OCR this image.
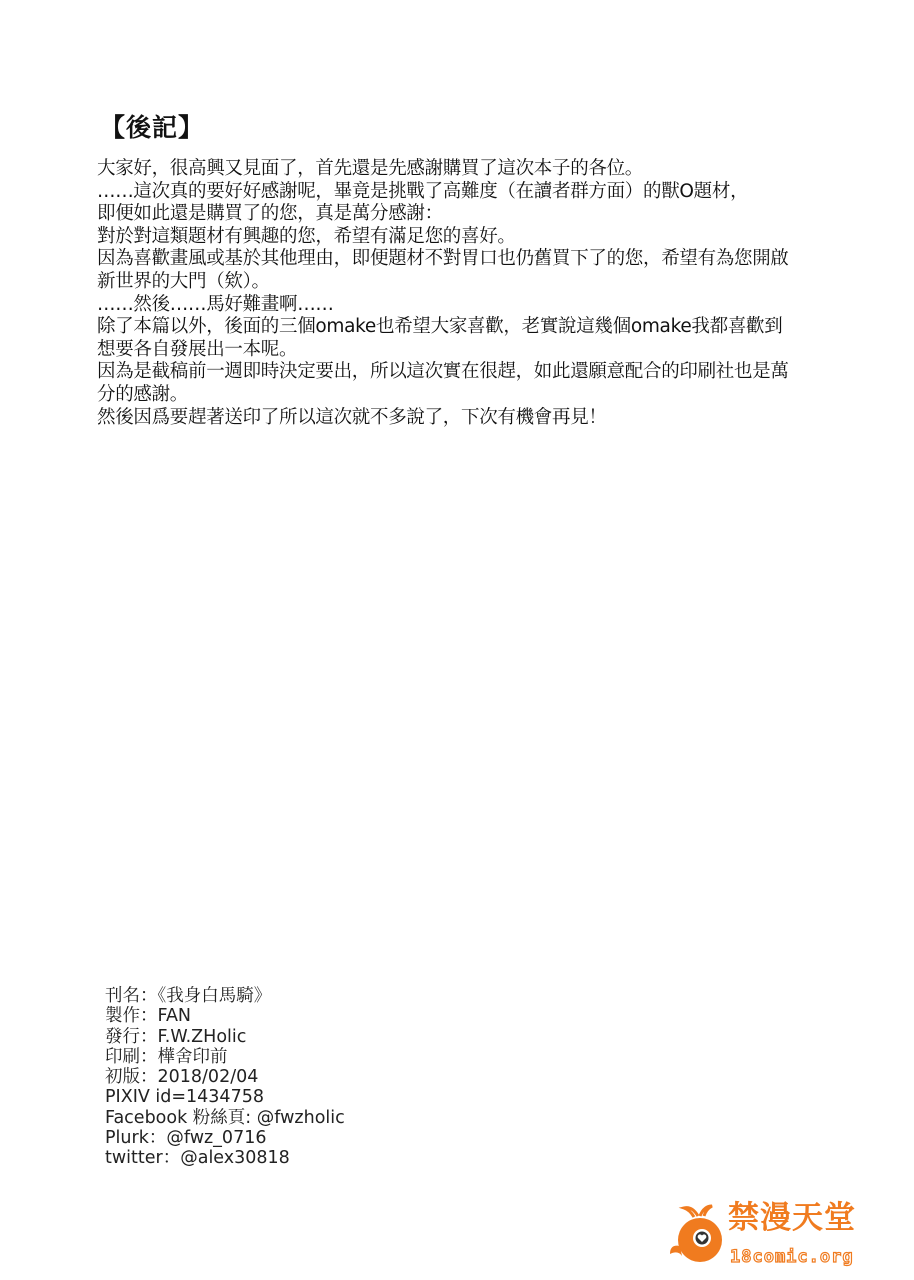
【後記】
大家好，很高興又見面了，首先還是先感謝購買了這次本子的各位。
……這次真的要好好感謝呢，畢竟是挑戰了高難度（在讀者群方面）的獸O題材，
即便如此還是購買了的您，真是萬分感謝：
對於對這類題材有興趣的您，希望有滿足您的喜好。
因為喜歡畫風或基於其他理由，即便題材不對胃口也仍舊買下了的您，希望有為您開啟
新世界的大門（欸）。
……然後……馬好難畫啊……
除了本篇以外，後面的三個omake也希望大家喜歡，老實說這幾個omake我都喜歡到
想要各自發展出一本呢。
因為是截稿前一週即時決定要出，所以這次實在很趕，如此還願意配合的印刷社也是萬
分的感謝。
然後因爲要趕著送印了所以這次就不多說了，下次有機會再見！
刊名：《我身白馬騎》
製作：FAN
發行：F.W.ZHolic
印刷：樺舍印前
初版：2018/02/04
PIXIV id=1434758
Facebook 粉絲頁: @fwzholic
Plurk：@fwz_0716
twitter：@alex30818
禁漫天堂
18comic.org
